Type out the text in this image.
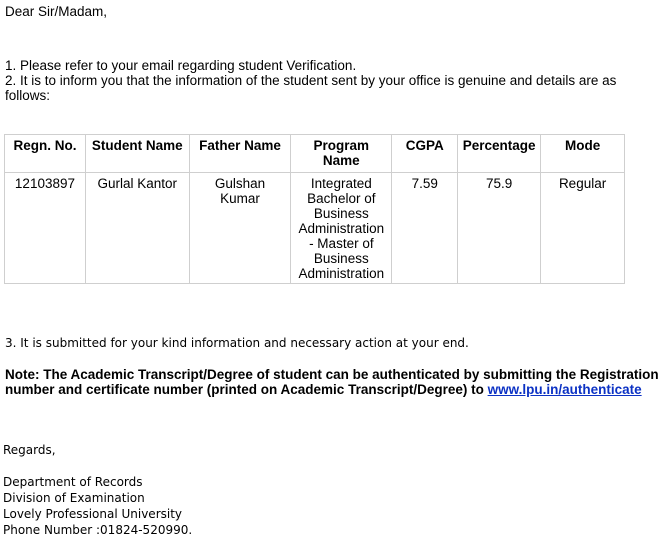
Dear Sir/Madam,
1. Please refer to your email regarding student Verification.
2. It is to inform you that the information of the student sent by your office is genuine and details are as
follows:
Regn. No.	Student Name	Father Name	Program Name	CGPA	Percentage	Mode
12103897	Gurlal Kantor	Gulshan Kumar	Integrated Bachelor of Business Administration - Master of Business Administration	7.59	75.9	Regular
3. It is submitted for your kind information and necessary action at your end.
Note: The Academic Transcript/Degree of student can be authenticated by submitting the Registration
number and certificate number (printed on Academic Transcript/Degree) to www.lpu.in/authenticate
Regards,
Department of Records
Division of Examination
Lovely Professional University
Phone Number :01824-520990.
